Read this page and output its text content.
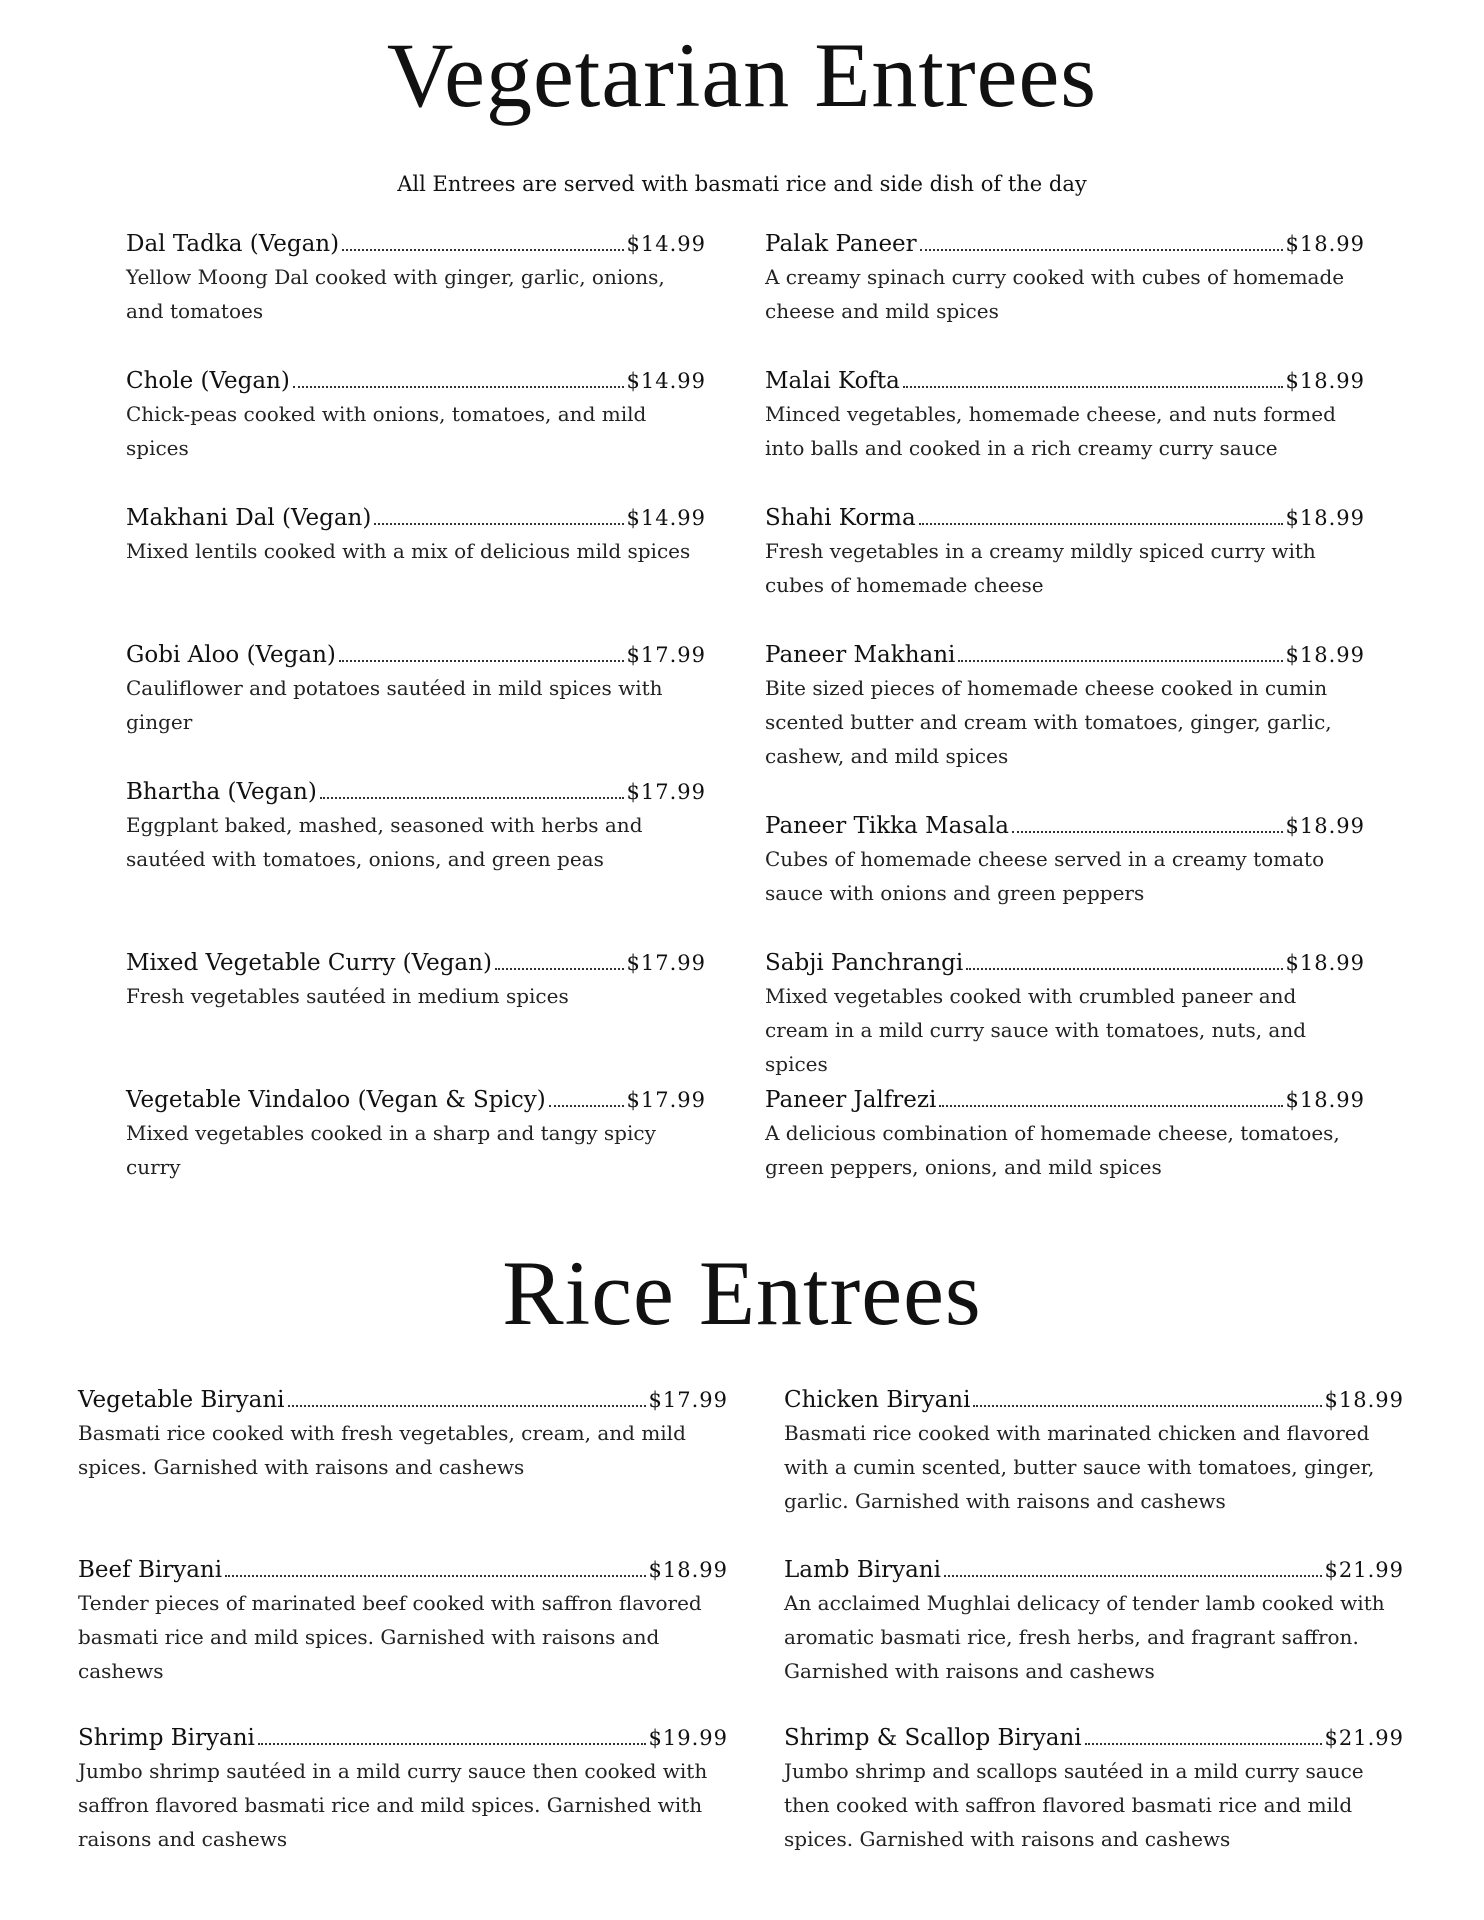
Vegetarian Entrees

All Entrees are served with basmati rice and side dish of the day

Dal Tadka (Vegan)	$14.99

Yellow Moong Dal cooked with ginger, garlic, onions, and tomatoes

Chole (Vegan)	$14.99

Chick-peas cooked with onions, tomatoes, and mild spices

Makhani Dal (Vegan)	$14.99

Mixed lentils cooked with a mix of delicious mild spices

Gobi Aloo (Vegan)	$17.99

Cauliflower and potatoes sautéed in mild spices with ginger

Bhartha (Vegan)	$17.99

Eggplant baked, mashed, seasoned with herbs and sautéed with tomatoes, onions, and green peas

Mixed Vegetable Curry (Vegan)	$17.99

Fresh vegetables sautéed in medium spices

Vegetable Vindaloo (Vegan & Spicy)	$17.99

Mixed vegetables cooked in a sharp and tangy spicy curry

Palak Paneer	$18.99

A creamy spinach curry cooked with cubes of homemade cheese and mild spices

Malai Kofta	$18.99

Minced vegetables, homemade cheese, and nuts formed into balls and cooked in a rich creamy curry sauce

Shahi Korma	$18.99

Fresh vegetables in a creamy mildly spiced curry with cubes of homemade cheese

Paneer Makhani	$18.99

Bite sized pieces of homemade cheese cooked in cumin scented butter and cream with tomatoes, ginger, garlic, cashew, and mild spices

Paneer Tikka Masala	$18.99

Cubes of homemade cheese served in a creamy tomato sauce with onions and green peppers

Sabji Panchrangi	$18.99

Mixed vegetables cooked with crumbled paneer and cream in a mild curry sauce with tomatoes, nuts, and spices

Paneer Jalfrezi	$18.99

A delicious combination of homemade cheese, tomatoes, green peppers, onions, and mild spices

Rice Entrees
Vegetable Biryani	$17.99

Basmati rice cooked with fresh vegetables, cream, and mild spices. Garnished with raisons and cashews

Beef Biryani	$18.99

Tender pieces of marinated beef cooked with saffron flavored basmati rice and mild spices. Garnished with raisons and cashews

Shrimp Biryani	$19.99

Jumbo shrimp sautéed in a mild curry sauce then cooked with saffron flavored basmati rice and mild spices. Garnished with raisons and cashews

Chicken Biryani	$18.99

Basmati rice cooked with marinated chicken and flavored with a cumin scented, butter sauce with tomatoes, ginger, garlic. Garnished with raisons and cashews

Lamb Biryani	$21.99

An acclaimed Mughlai delicacy of tender lamb cooked with aromatic basmati rice, fresh herbs, and fragrant saffron. Garnished with raisons and cashews

Shrimp & Scallop Biryani	$21.99

Jumbo shrimp and scallops sautéed in a mild curry sauce then cooked with saffron flavored basmati rice and mild spices. Garnished with raisons and cashews
